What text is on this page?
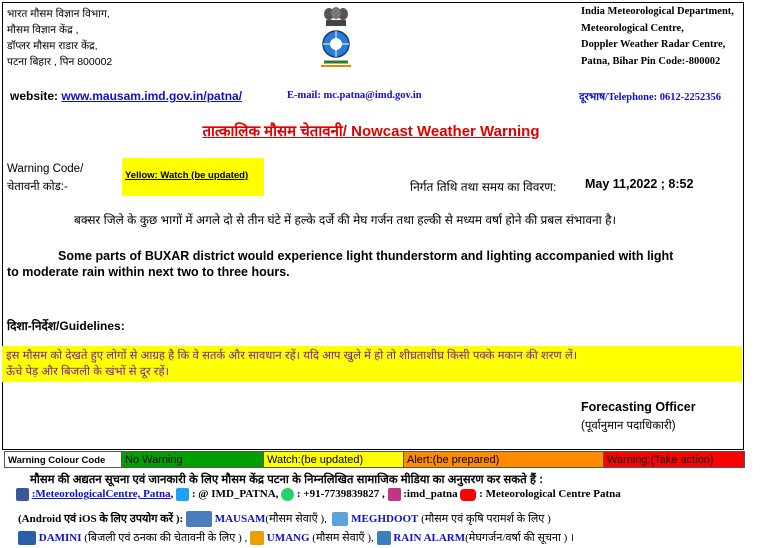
भारत मौसम विज्ञान विभाग,
मौसम विज्ञान केंद्र ,
डॉप्लर मौसम राडार केंद्र,
पटना बिहार , पिन 800002
India Meteorological Department,
Meteorological Centre,
Doppler Weather Radar Centre,
Patna, Bihar Pin Code:-800002
website: www.mausam.imd.gov.in/patna/	E-mail: mc.patna@imd.gov.in	दूरभाष/Telephone: 0612-2252356
तात्कालिक मौसम चेतावनी/ Nowcast Weather Warning
Warning Code/
चेतावनी कोड:-
Yellow: Watch (be updated)
निर्गत तिथि तथा समय का विवरण: May 11,2022 ; 8:52
बक्सर जिले के कुछ भागों में अगले दो से तीन घंटे में हल्के दर्जे की मेघ गर्जन तथा हल्की से मध्यम वर्षा होने की प्रबल संभावना है।
Some parts of BUXAR district would experience light thunderstorm and lighting accompanied with light
to moderate rain within next two to three hours.
दिशा-निर्देश/Guidelines:
इस मौसम को देखते हुए लोगों से आग्रह है कि वे सतर्क और सावधान रहें। यदि आप खुले में हो तो शीघ्रताशीघ्र किसी पक्के मकान की शरण लें।
ऊँचे पेड़ और बिजली के खंभों से दूर रहें।
Forecasting Officer
(पूर्वानुमान पदाधिकारी)
Warning Colour Code	No Warning	Watch:(be updated)	Alert:(be prepared)	Warning:(Take action)
मौसम की अद्यतन सूचना एवं जानकारी के लिए मौसम केंद्र पटना के निम्नलिखित सामाजिक मीडिया का अनुसरण कर सकते हैं :
:MeteorologicalCentre, Patna,  : @ IMD_PATNA, : +91-7739839827 , :imd_patna : Meteorological Centre Patna
(Android एवं iOS के लिए उपयोग करें ):	MAUSAM(मौसम सेवाएँ ), MEGHDOOT (मौसम एवं कृषि परामर्श के लिए )
DAMINI (बिजली एवं ठनका की चेतावनी के लिए ) , UMANG (मौसम सेवाएँ ), RAIN ALARM(मेघगर्जन/वर्षा की सूचना ) ।
